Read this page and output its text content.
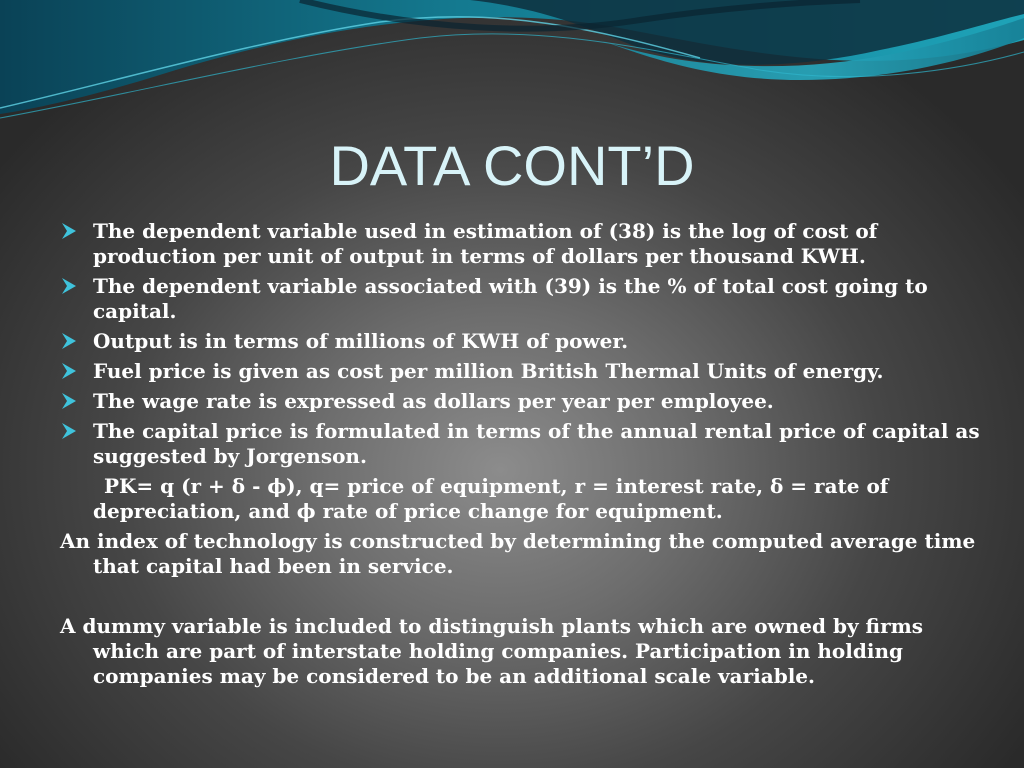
DATA CONT’D
The dependent variable used in estimation of (38) is the log of cost of production per unit of output in terms of dollars per thousand KWH.
The dependent variable associated with (39) is the % of total cost going to capital.
Output is in terms of millions of KWH of power.
Fuel price is given as cost per million British Thermal Units of energy.
The wage rate is expressed as dollars per year per employee.
The capital price is formulated in terms of the annual rental price of capital as suggested by Jorgenson.
PK= q (r + δ - ϕ), q= price of equipment, r = interest rate, δ = rate of depreciation, and ϕ rate of price change for equipment.
An index of technology is constructed by determining the computed average time that capital had been in service.
A dummy variable is included to distinguish plants which are owned by firms which are part of interstate holding companies. Participation in holding companies may be considered to be an additional scale variable.
